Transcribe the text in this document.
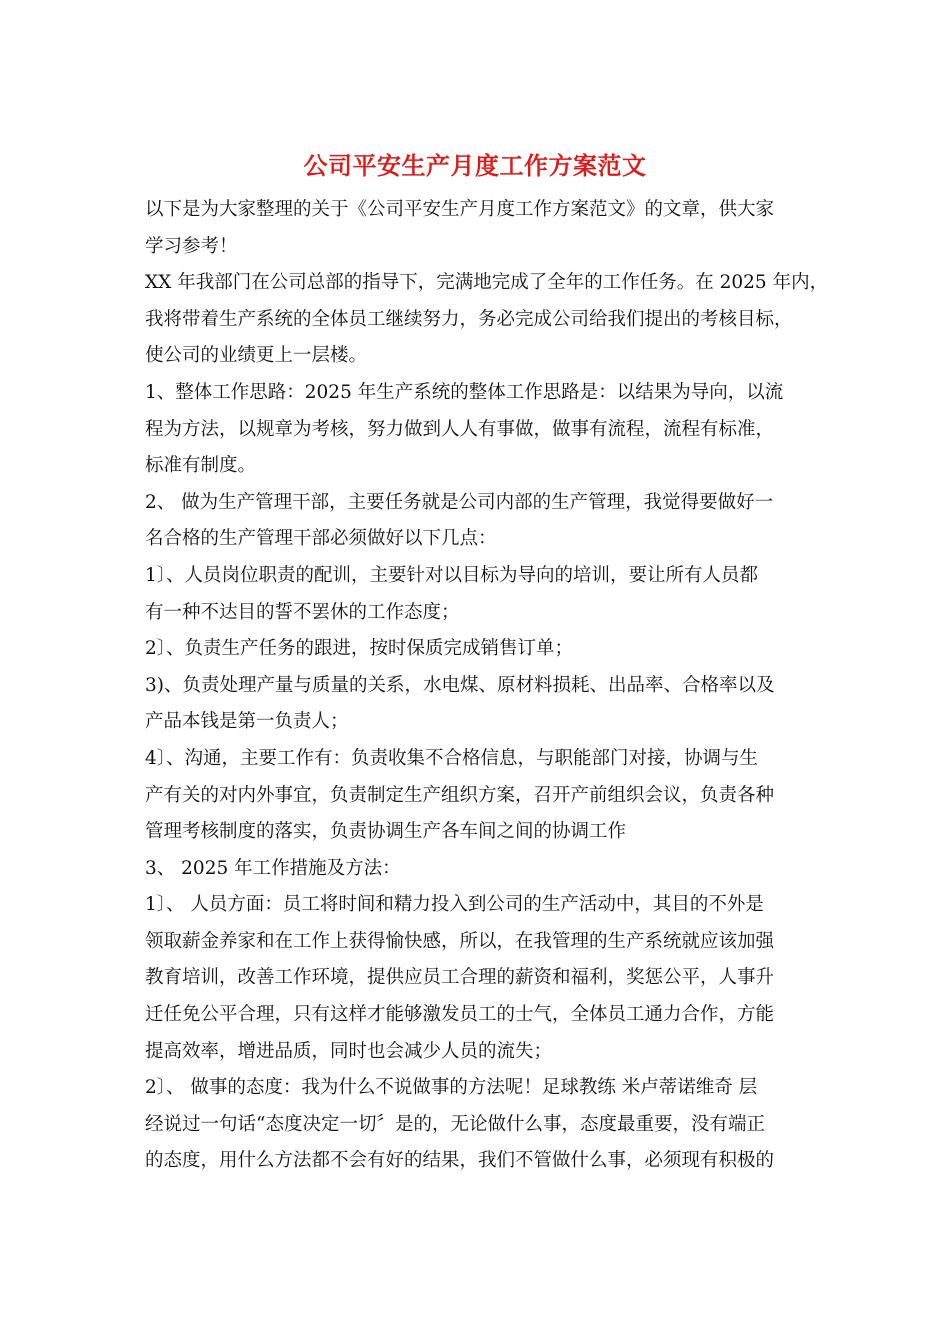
公司平安生产月度工作方案范文
以下是为大家整理的关于《公司平安生产月度工作方案范文》的文章，供大家
学习参考！
XX 年我部门在公司总部的指导下，完满地完成了全年的工作任务。在 2025 年内，
我将带着生产系统的全体员工继续努力，务必完成公司给我们提出的考核目标，
使公司的业绩更上一层楼。
1、整体工作思路：2025 年生产系统的整体工作思路是：以结果为导向，以流
程为方法，以规章为考核，努力做到人人有事做，做事有流程，流程有标准，
标准有制度。
2、 做为生产管理干部，主要任务就是公司内部的生产管理，我觉得要做好一
名合格的生产管理干部必须做好以下几点：
1〕、人员岗位职责的配训，主要针对以目标为导向的培训，要让所有人员都
有一种不达目的誓不罢休的工作态度；
2〕、负责生产任务的跟进，按时保质完成销售订单；
3)、负责处理产量与质量的关系，水电煤、原材料损耗、出品率、合格率以及
产品本钱是第一负责人；
4〕、沟通，主要工作有：负责收集不合格信息，与职能部门对接，协调与生
产有关的对内外事宜，负责制定生产组织方案，召开产前组织会议，负责各种
管理考核制度的落实，负责协调生产各车间之间的协调工作
3、 2025 年工作措施及方法：
1〕、 人员方面：员工将时间和精力投入到公司的生产活动中，其目的不外是
领取薪金养家和在工作上获得愉快感，所以，在我管理的生产系统就应该加强
教育培训，改善工作环境，提供应员工合理的薪资和福利，奖惩公平，人事升
迁任免公平合理，只有这样才能够激发员工的士气，全体员工通力合作，方能
提高效率，增进品质，同时也会减少人员的流失；
2〕、 做事的态度：我为什么不说做事的方法呢！足球教练 米卢蒂诺维奇 层
经说过一句话“态度决定一切〞是的，无论做什么事，态度最重要，没有端正
的态度，用什么方法都不会有好的结果，我们不管做什么事，必须现有积极的
